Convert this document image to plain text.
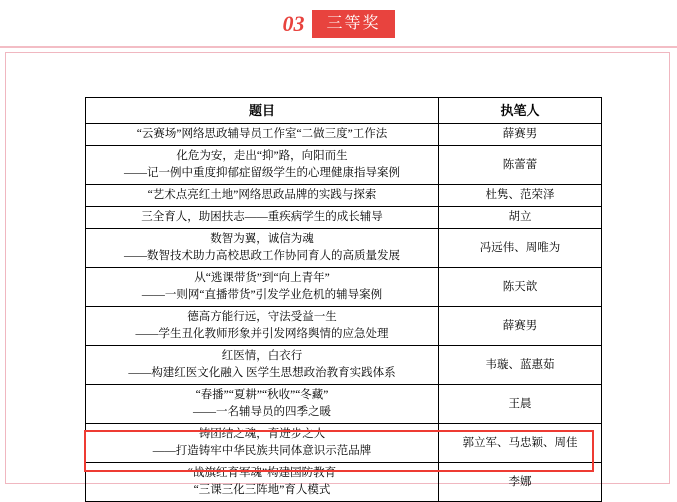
03	三等奖
题目	执笔人

“云赛场”网络思政辅导员工作室“二做三度”工作法	薛赛男

化危为安，走出“抑”路，向阳而生
——记一例中重度抑郁症留级学生的心理健康指导案例	陈蕾蕾

“艺术点亮红土地”网络思政品牌的实践与探索	杜隽、范荣泽

三全育人，助困扶志——重疾病学生的成长辅导	胡立

数智为翼，诚信为魂
——数智技术助力高校思政工作协同育人的高质量发展	冯远伟、周唯为

从“逃课带货”到“向上青年”
——一则网“直播带货”引发学业危机的辅导案例	陈天歆

德高方能行远，守法受益一生
——学生丑化教师形象并引发网络舆情的应急处理	薛赛男

红医情，白衣行
——构建红医文化融入 医学生思想政治教育实践体系	韦璇、蓝惠茹

“春播”“夏耕”“秋收”“冬藏”
——一名辅导员的四季之暖	王晨

铸团结之魂，育进步之人
——打造铸牢中华民族共同体意识示范品牌	郭立军、马忠颖、周佳

“战旗红育军魂”构建国防教育
“三课三化三阵地”育人模式	李娜
